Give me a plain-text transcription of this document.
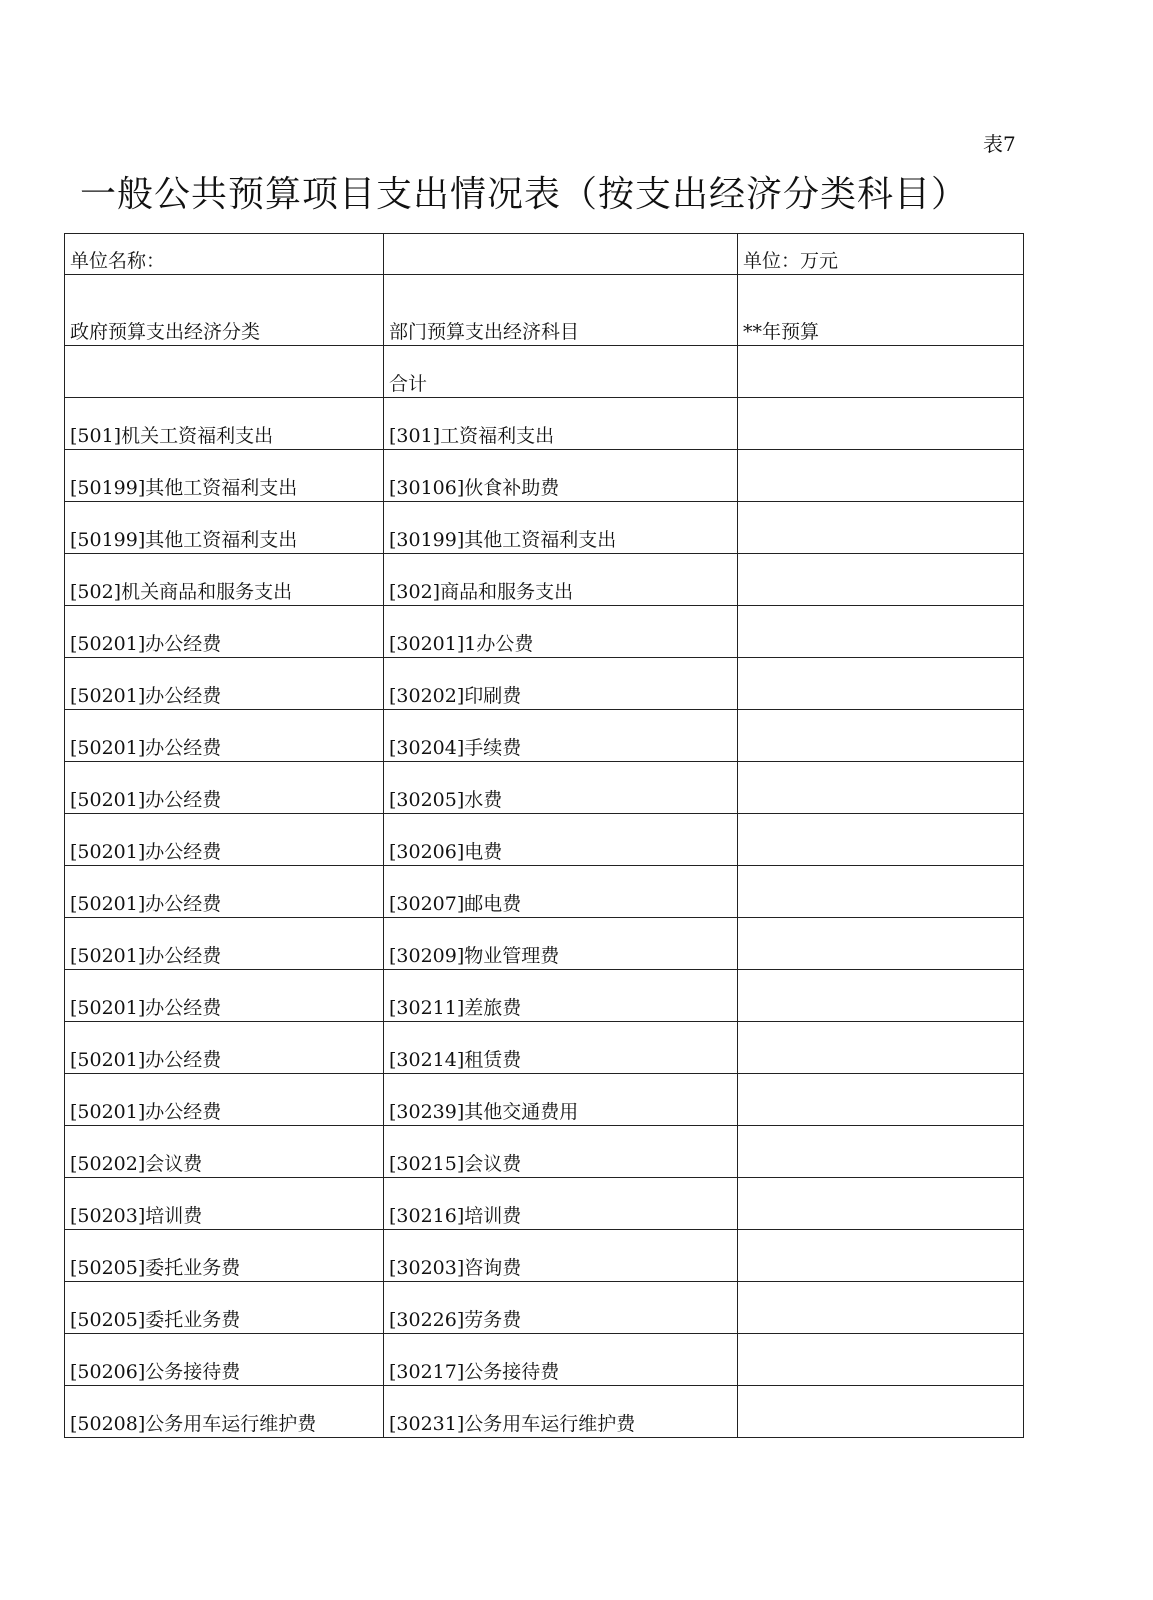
表7
一般公共预算项目支出情况表（按支出经济分类科目）
单位名称：		单位：万元
政府预算支出经济分类	部门预算支出经济科目	**年预算
	合计	
[501]机关工资福利支出	[301]工资福利支出	
[50199]其他工资福利支出	[30106]伙食补助费	
[50199]其他工资福利支出	[30199]其他工资福利支出	
[502]机关商品和服务支出	[302]商品和服务支出	
[50201]办公经费	[30201]1办公费	
[50201]办公经费	[30202]印刷费	
[50201]办公经费	[30204]手续费	
[50201]办公经费	[30205]水费	
[50201]办公经费	[30206]电费	
[50201]办公经费	[30207]邮电费	
[50201]办公经费	[30209]物业管理费	
[50201]办公经费	[30211]差旅费	
[50201]办公经费	[30214]租赁费	
[50201]办公经费	[30239]其他交通费用	
[50202]会议费	[30215]会议费	
[50203]培训费	[30216]培训费	
[50205]委托业务费	[30203]咨询费	
[50205]委托业务费	[30226]劳务费	
[50206]公务接待费	[30217]公务接待费	
[50208]公务用车运行维护费	[30231]公务用车运行维护费	
